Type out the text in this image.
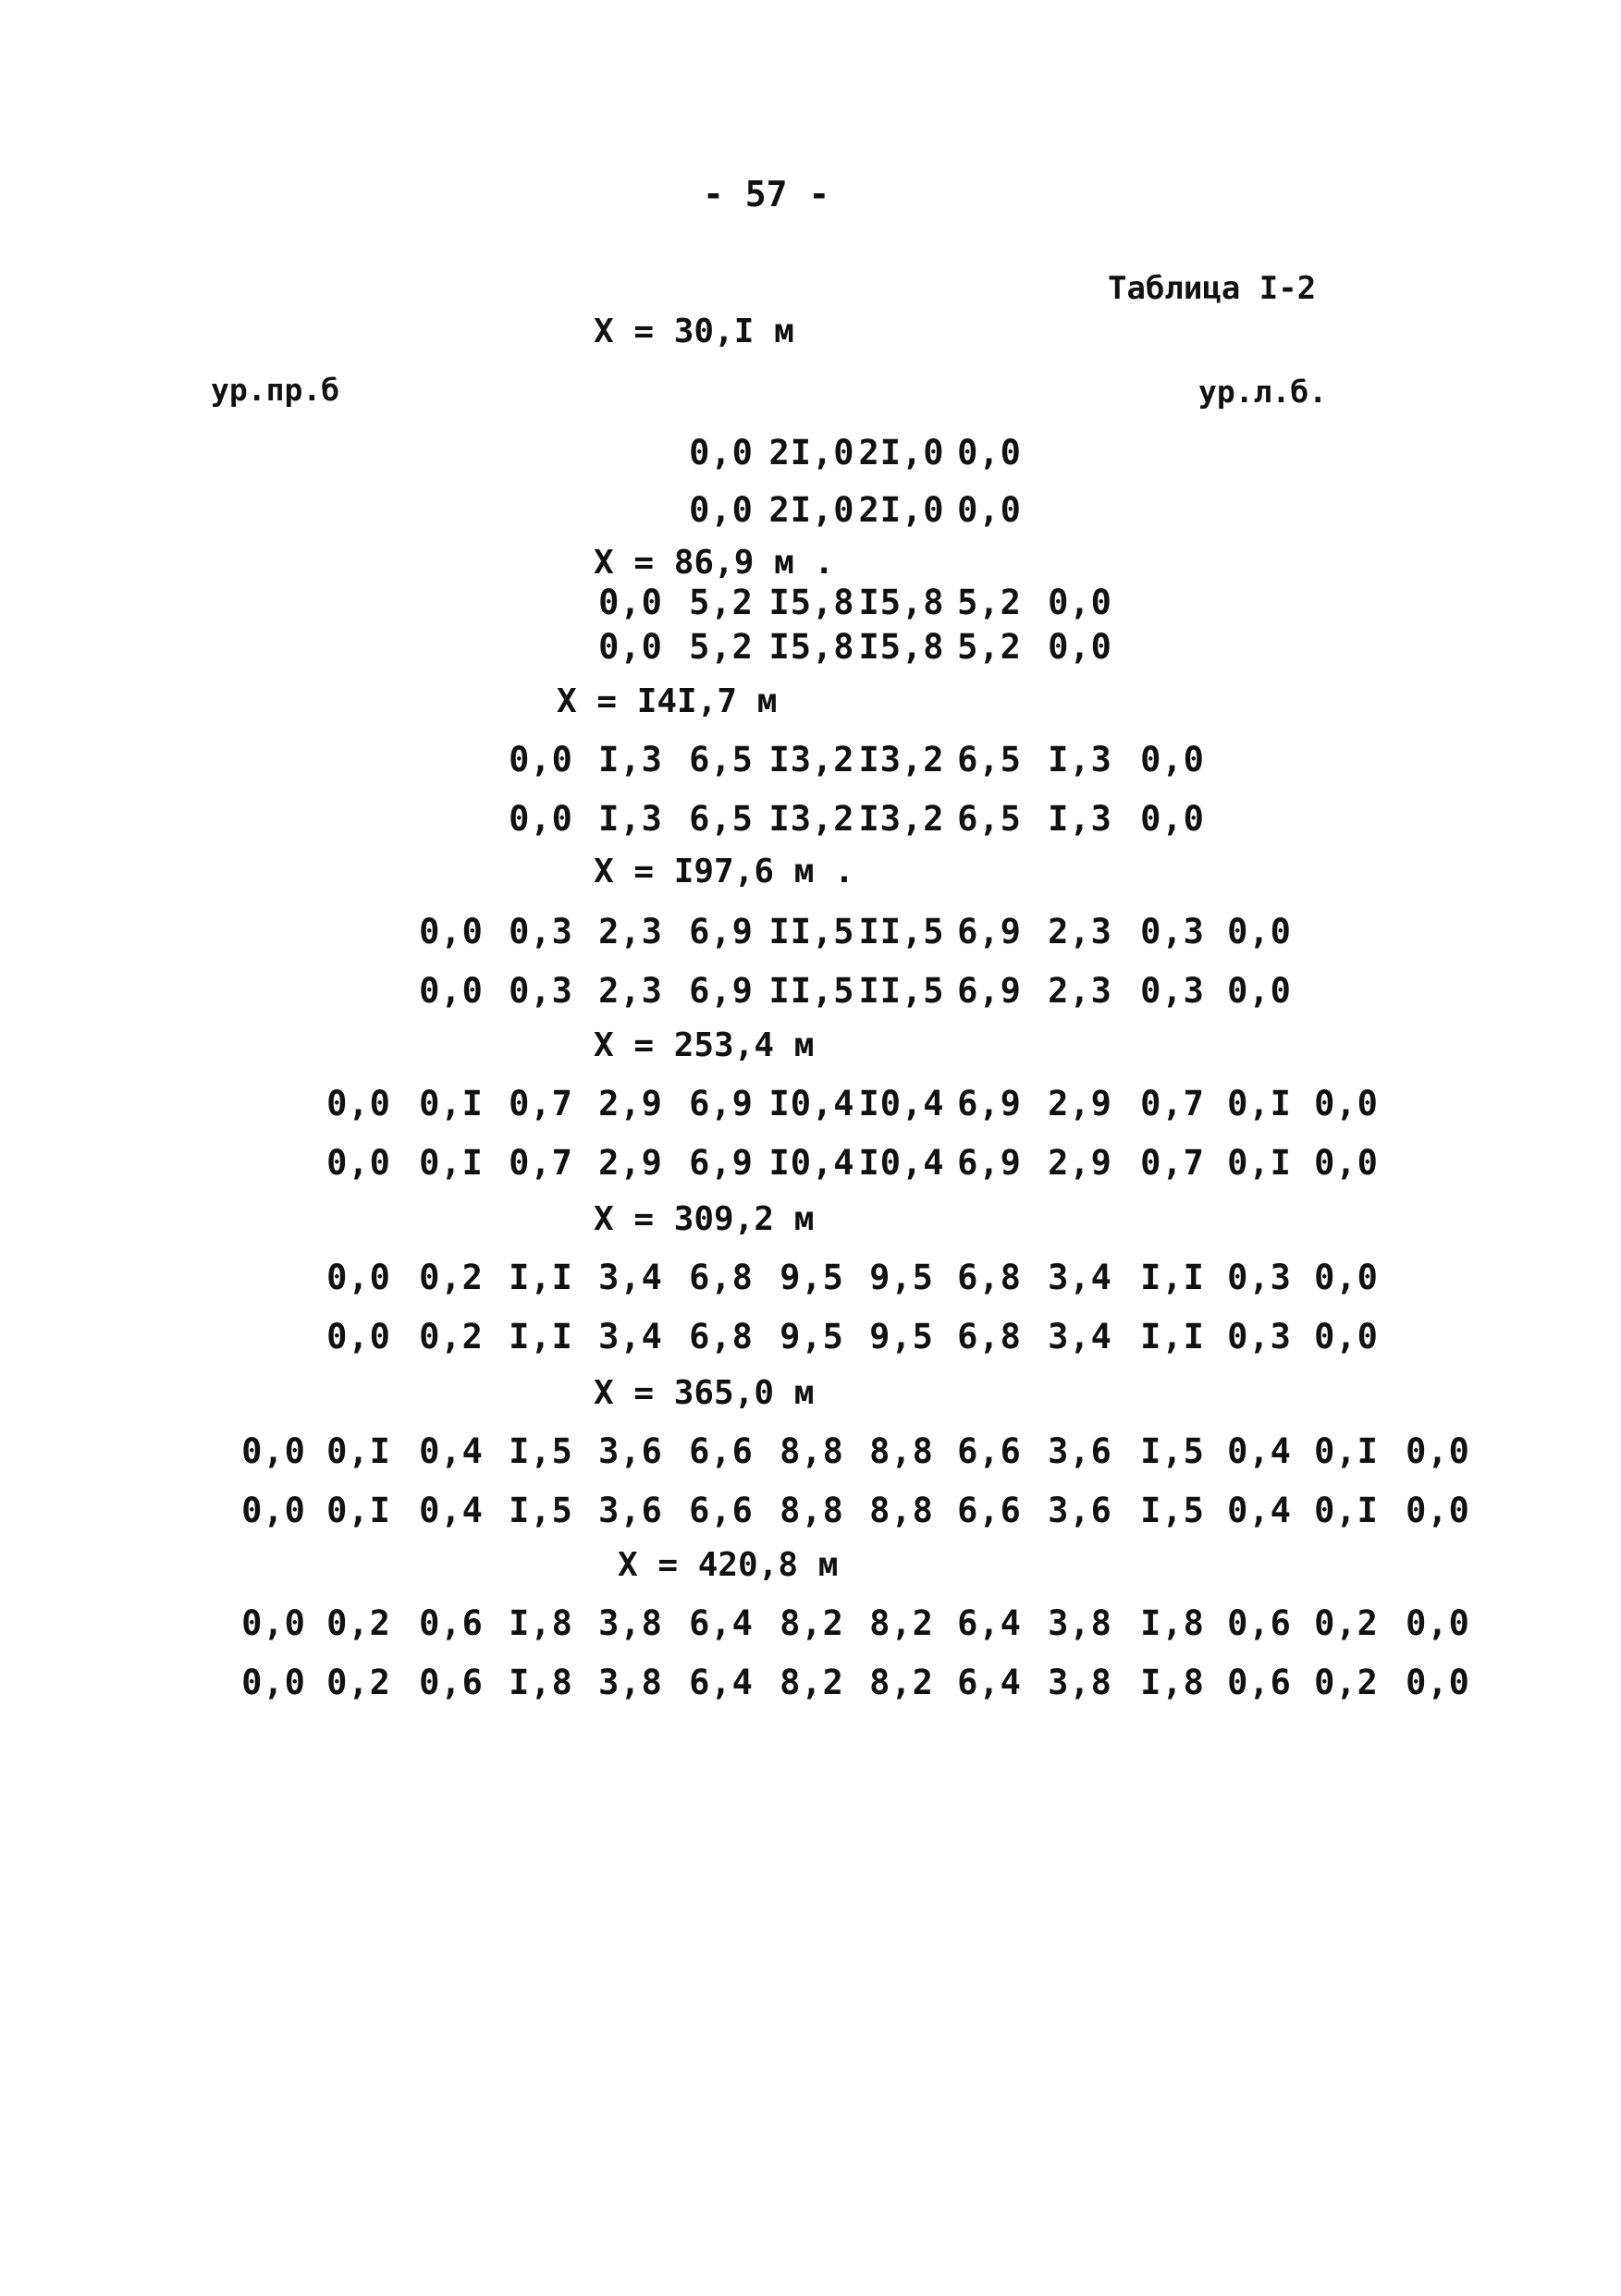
- 57 -
Таблица I-2
ур.пр.б	ур.л.б.
X = 30,I м
0,0 2I,0 2I,0 0,0
0,0 2I,0 2I,0 0,0
X = 86,9 м .
0,0 5,2 I5,8 I5,8 5,2 0,0
0,0 5,2 I5,8 I5,8 5,2 0,0
X = I4I,7 м
0,0 I,3 6,5 I3,2 I3,2 6,5 I,3 0,0
0,0 I,3 6,5 I3,2 I3,2 6,5 I,3 0,0
X = I97,6 м .
0,0 0,3 2,3 6,9 II,5 II,5 6,9 2,3 0,3 0,0
0,0 0,3 2,3 6,9 II,5 II,5 6,9 2,3 0,3 0,0
X = 253,4 м
0,0 0,I 0,7 2,9 6,9 I0,4 I0,4 6,9 2,9 0,7 0,I 0,0
0,0 0,I 0,7 2,9 6,9 I0,4 I0,4 6,9 2,9 0,7 0,I 0,0
X = 309,2 м
0,0 0,2 I,I 3,4 6,8 9,5 9,5 6,8 3,4 I,I 0,3 0,0
0,0 0,2 I,I 3,4 6,8 9,5 9,5 6,8 3,4 I,I 0,3 0,0
X = 365,0 м
0,0 0,I 0,4 I,5 3,6 6,6 8,8 8,8 6,6 3,6 I,5 0,4 0,I 0,0
0,0 0,I 0,4 I,5 3,6 6,6 8,8 8,8 6,6 3,6 I,5 0,4 0,I 0,0
X = 420,8 м
0,0 0,2 0,6 I,8 3,8 6,4 8,2 8,2 6,4 3,8 I,8 0,6 0,2 0,0
0,0 0,2 0,6 I,8 3,8 6,4 8,2 8,2 6,4 3,8 I,8 0,6 0,2 0,0
